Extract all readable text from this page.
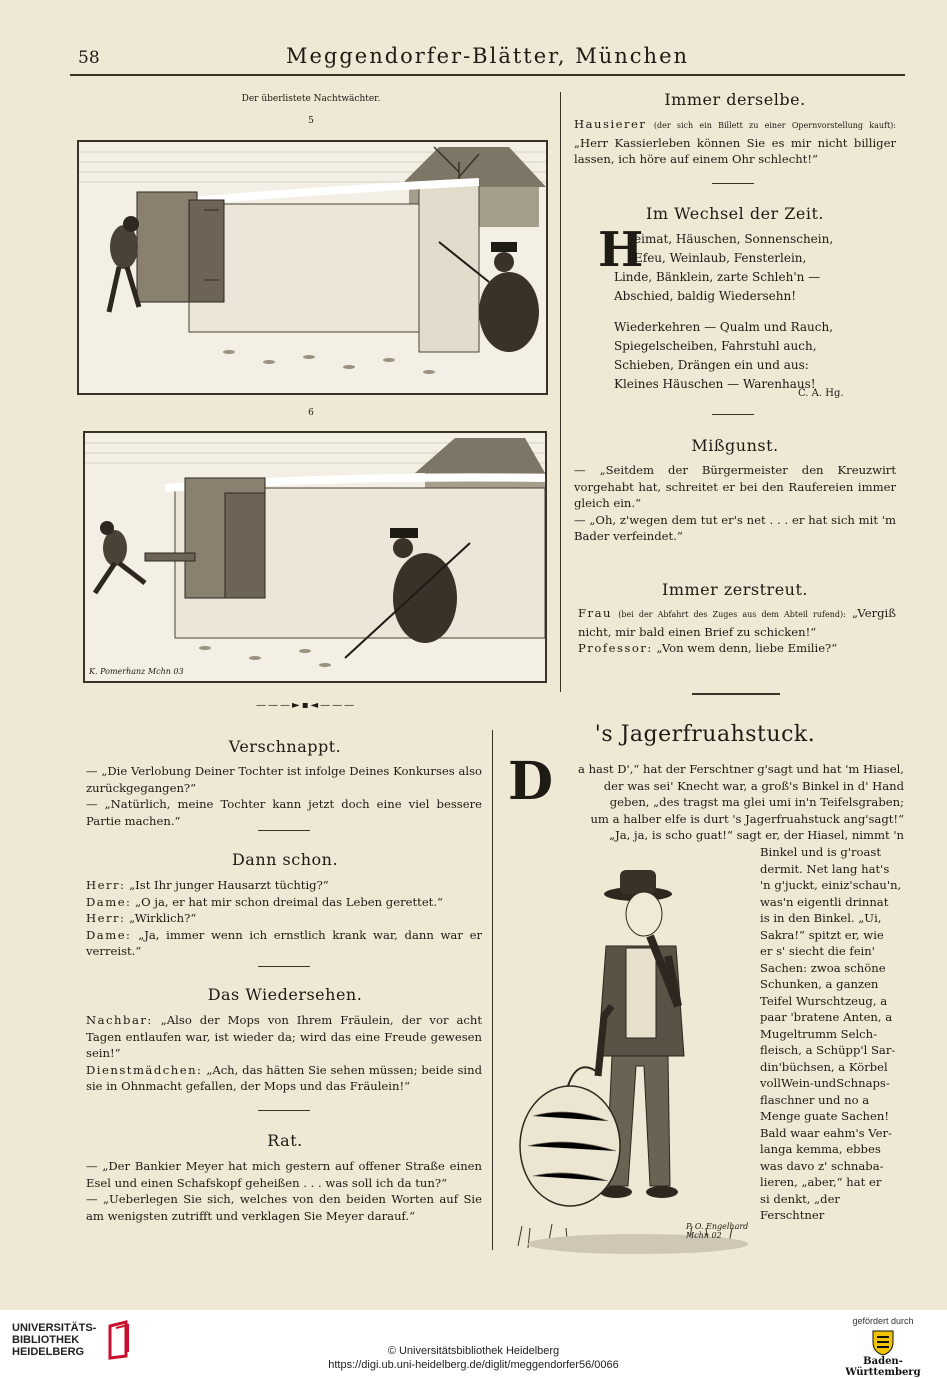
58	Meggendorfer-Blätter, München
Der überlistete Nachtwächter.
5
6
K. Pomerhanz Mchn 03
———►▪◄———
Verschnappt.

— „Die Verlobung Deiner Tochter ist infolge Deines Konkurses also zurückgegangen?“

— „Natürlich, meine Tochter kann jetzt doch eine viel bessere Partie machen.“

Dann schon.

Herr: „Ist Ihr junger Hausarzt tüchtig?“

Dame: „O ja, er hat mir schon dreimal das Leben gerettet.“

Herr: „Wirklich?“

Dame: „Ja, immer wenn ich ernstlich krank war, dann war er verreist.“

Das Wiedersehen.

Nachbar: „Also der Mops von Ihrem Fräulein, der vor acht Tagen entlaufen war, ist wieder da; wird das eine Freude gewesen sein!“

Dienstmädchen: „Ach, das hätten Sie sehen müssen; beide sind sie in Ohnmacht gefallen, der Mops und das Fräulein!“

Rat.

— „Der Bankier Meyer hat mich gestern auf offener Straße einen Esel und einen Schafskopf geheißen . . . was soll ich da tun?“

— „Ueberlegen Sie sich, welches von den beiden Worten auf Sie am wenigsten zutrifft und verklagen Sie Meyer darauf.“

Immer derselbe.

Hausierer (der sich ein Billett zu einer Opernvorstellung kauft): „Herr Kassierleben können Sie es mir nicht billiger lassen, ich höre auf einem Ohr schlecht!“

Im Wechsel der Zeit.
H

eimat, Häuschen, Sonnenschein,

Efeu, Weinlaub, Fensterlein,

Linde, Bänklein, zarte Schleh'n —

Abschied, baldig Wiedersehn!

Wiederkehren — Qualm und Rauch,

Spiegelscheiben, Fahrstuhl auch,

Schieben, Drängen ein und aus:

Kleines Häuschen — Warenhaus!

C. A. Hg.
Mißgunst.

— „Seitdem der Bürgermeister den Kreuzwirt vorgehabt hat, schreitet er bei den Raufereien immer gleich ein.“

— „Oh, z'wegen dem tut er's net . . . er hat sich mit 'm Bader verfeindet.“

Immer zerstreut.

Frau (bei der Abfahrt des Zuges aus dem Abteil rufend): „Vergiß nicht, mir bald einen Brief zu schicken!“

Professor: „Von wem denn, liebe Emilie?“

's Jagerfruahstuck.
D	a hast D',“ hat der Ferschtner g'sagt und hat 'm Hiasel,

der was sei' Knecht war, a groß's Binkel in d' Hand

geben, „des tragst ma glei umi in'n Teifelsgraben;

um a halber elfe is durt 's Jagerfruahstuck ang'sagt!“

„Ja, ja, is scho guat!“ sagt er, der Hiasel, nimmt 'n

Binkel und is g'roast

dermit. Net lang hat's

'n g'juckt, einiz'schau'n,

was'n eigentli drinnat

is in den Binkel. „Ui,

Sakra!“ spitzt er, wie

er s' siecht die fein'

Sachen: zwoa schöne

Schunken, a ganzen

Teifel Wurschtzeug, a

paar 'bratene Anten, a

Mugeltrumm Selch-

fleisch, a Schüpp'l Sar-

din'büchsen, a Körbel

vollWein-undSchnaps-

flaschner und no a

Menge guate Sachen!

Bald waar eahm's Ver-

langa kemma, ebbes

was davo z' schnaba-

lieren, „aber,“ hat er

si denkt, „der Ferschtner

P. O. Engelhard Mchn 02
UNIVERSITÄTS-
BIBLIOTHEK
HEIDELBERG	© Universitätsbibliothek Heidelberg
https://digi.ub.uni-heidelberg.de/diglit/meggendorfer56/0066
gefördert durch
Baden-Württemberg
